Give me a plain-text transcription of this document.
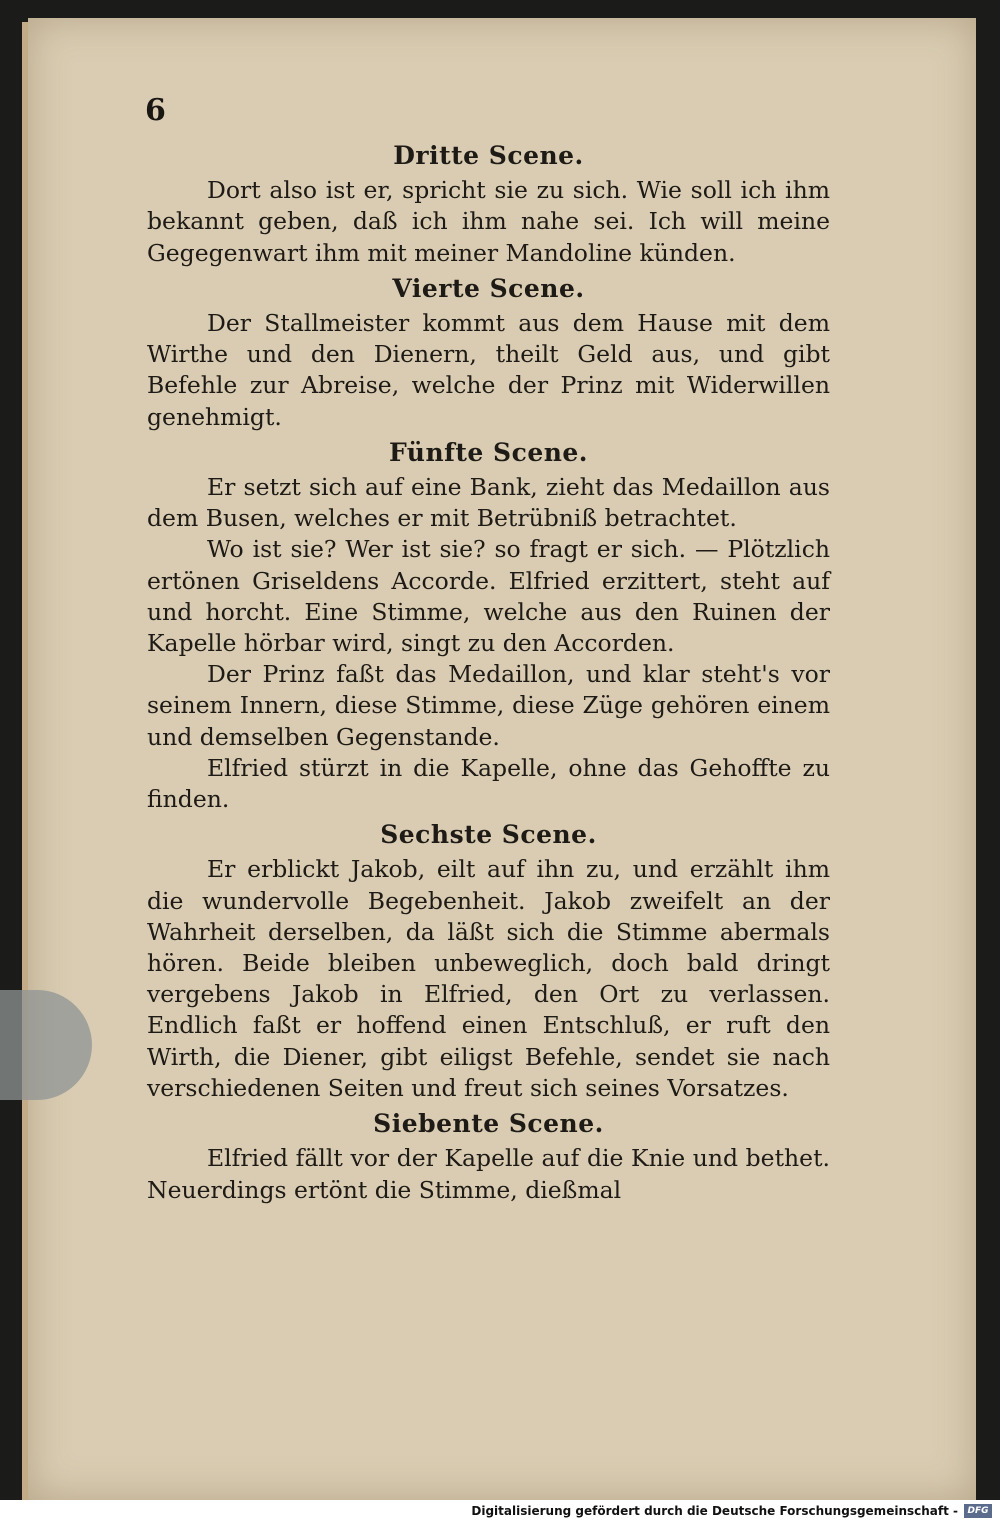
6
Dritte Scene.

Dort also ist er, spricht sie zu sich. Wie soll ich ihm bekannt geben, daß ich ihm nahe sei. Ich will meine Gegegenwart ihm mit meiner Mandoline künden.

Vierte Scene.

Der Stallmeister kommt aus dem Hause mit dem Wirthe und den Dienern, theilt Geld aus, und gibt Befehle zur Abreise, welche der Prinz mit Widerwillen genehmigt.

Fünfte Scene.

Er setzt sich auf eine Bank, zieht das Medaillon aus dem Busen, welches er mit Betrübniß betrachtet.

Wo ist sie? Wer ist sie? so fragt er sich. — Plötzlich ertönen Griseldens Accorde. Elfried erzittert, steht auf und horcht. Eine Stimme, welche aus den Ruinen der Kapelle hörbar wird, singt zu den Accorden.

Der Prinz faßt das Medaillon, und klar steht's vor seinem Innern, diese Stimme, diese Züge gehören einem und demselben Gegenstande.

Elfried stürzt in die Kapelle, ohne das Gehoffte zu finden.

Sechste Scene.

Er erblickt Jakob, eilt auf ihn zu, und erzählt ihm die wundervolle Begebenheit. Jakob zweifelt an der Wahrheit derselben, da läßt sich die Stimme abermals hören. Beide bleiben unbeweglich, doch bald dringt vergebens Jakob in Elfried, den Ort zu verlassen. Endlich faßt er hoffend einen Entschluß, er ruft den Wirth, die Diener, gibt eiligst Befehle, sendet sie nach verschiedenen Seiten und freut sich seines Vorsatzes.

Siebente Scene.

Elfried fällt vor der Kapelle auf die Knie und bethet. Neuerdings ertönt die Stimme, dießmal

Digitalisierung gefördert durch die Deutsche Forschungsgemeinschaft -	DFG
